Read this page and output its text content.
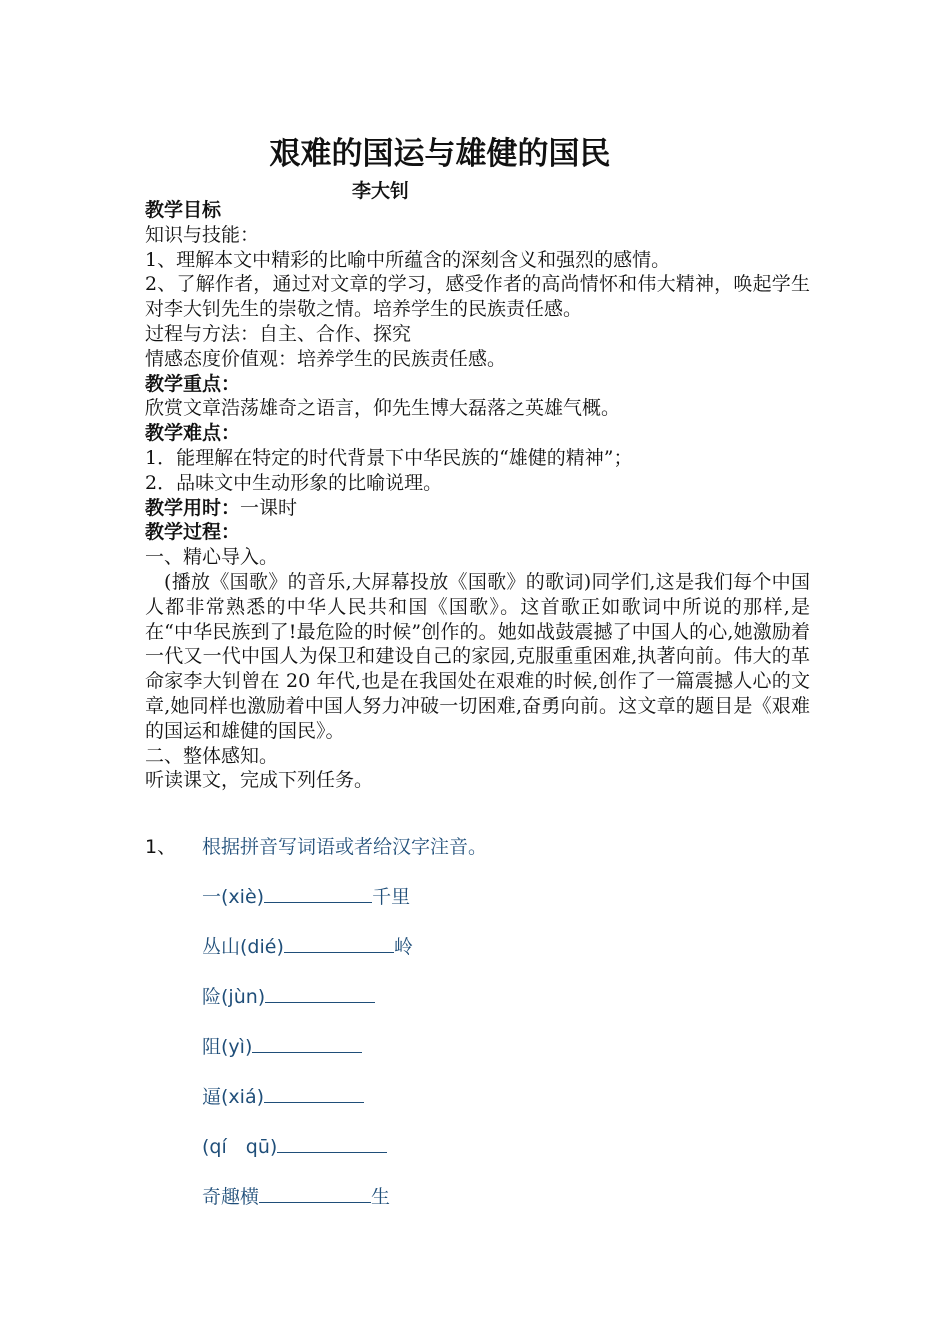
艰难的国运与雄健的国民
李大钊

教学目标

知识与技能：

1、理解本文中精彩的比喻中所蕴含的深刻含义和强烈的感情。

2、了解作者，通过对文章的学习，感受作者的高尚情怀和伟大精神，唤起学生对李大钊先生的崇敬之情。培养学生的民族责任感。

过程与方法：自主、合作、探究

情感态度价值观：培养学生的民族责任感。

教学重点：

欣赏文章浩荡雄奇之语言，仰先生博大磊落之英雄气概。

教学难点：

1．能理解在特定的时代背景下中华民族的“雄健的精神”；

2．品味文中生动形象的比喻说理。

教学用时：一课时

教学过程：

一、精心导入。

(播放《国歌》的音乐,大屏幕投放《国歌》的歌词)同学们,这是我们每个中国人都非常熟悉的中华人民共和国《国歌》。这首歌正如歌词中所说的那样,是在“中华民族到了!最危险的时候”创作的。她如战鼓震撼了中国人的心,她激励着一代又一代中国人为保卫和建设自己的家园,克服重重困难,执著向前。伟大的革命家李大钊曾在 20 年代,也是在我国处在艰难的时候,创作了一篇震撼人心的文章,她同样也激励着中国人努力冲破一切困难,奋勇向前。这文章的题目是《艰难的国运和雄健的国民》。

二、整体感知。

听读课文，完成下列任务。

1、 根据拼音写词语或者给汉字注音。
一(xiè)	千里
丛山(dié)	岭
险(jùn)
阻(yì)
逼(xiá)
(qí　qū)
奇趣横	生
